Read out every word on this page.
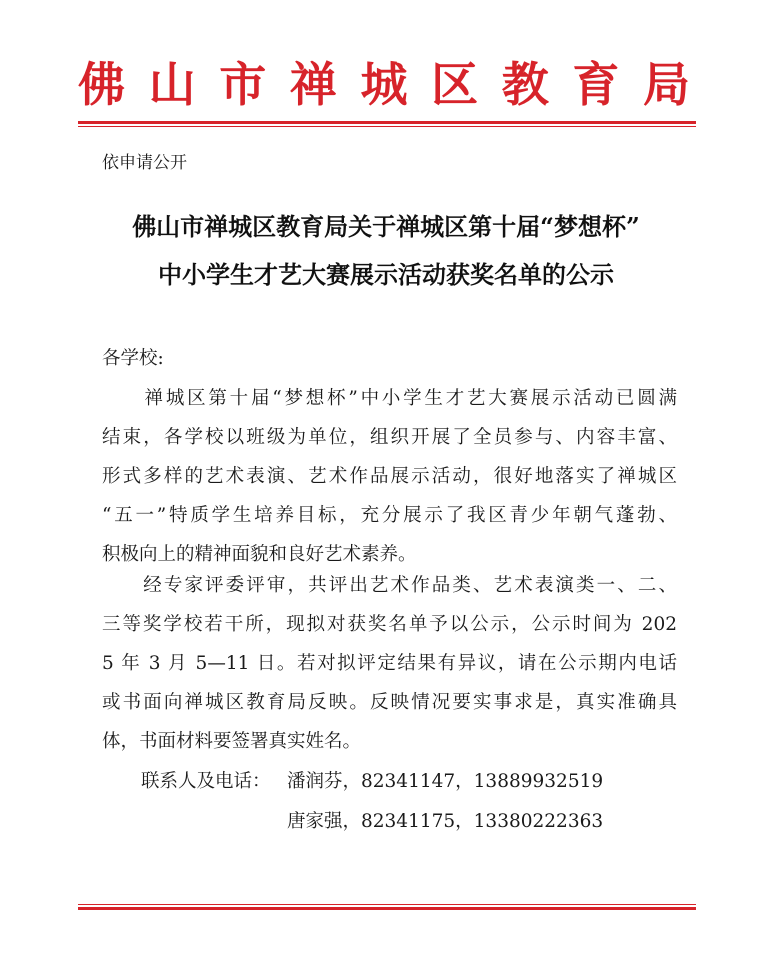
佛 山 市 禅 城 区 教 育 局
依申请公开
佛山市禅城区教育局关于禅城区第十届“梦想杯”
中小学生才艺大赛展示活动获奖名单的公示
各学校:
　　禅城区第十届“梦想杯”中小学生才艺大赛展示活动已圆满
结束，各学校以班级为单位，组织开展了全员参与、内容丰富、
形式多样的艺术表演、艺术作品展示活动，很好地落实了禅城区
“五一”特质学生培养目标，充分展示了我区青少年朝气蓬勃、
积极向上的精神面貌和良好艺术素养。
　　经专家评委评审，共评出艺术作品类、艺术表演类一、二、
三等奖学校若干所，现拟对获奖名单予以公示，公示时间为 202
5 年 3 月 5—11 日。若对拟评定结果有异议，请在公示期内电话
或书面向禅城区教育局反映。反映情况要实事求是，真实准确具
体，书面材料要签署真实姓名。
联系人及电话： 潘润芬，82341147，13889932519
唐家强，82341175，13380222363
